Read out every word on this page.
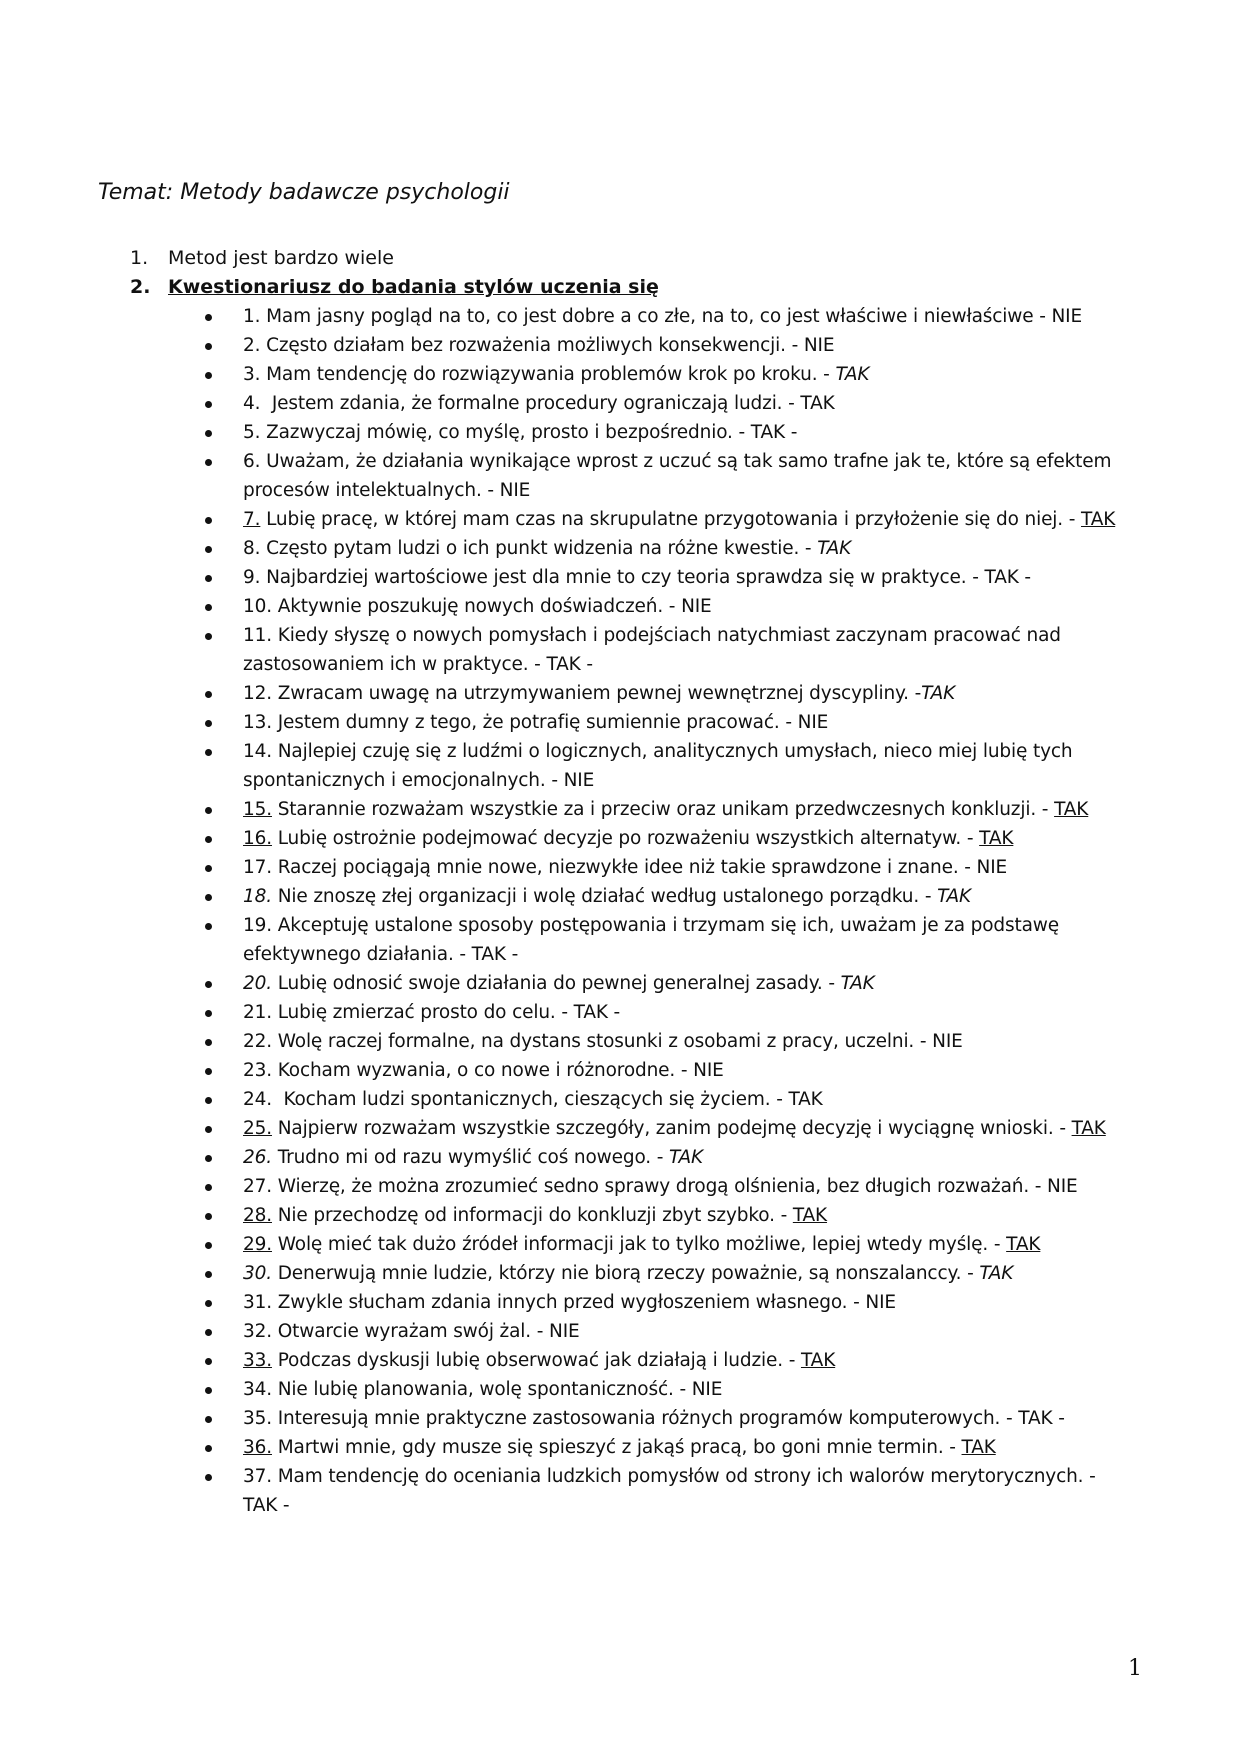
Temat: Metody badawcze psychologii
1.	Metod jest bardzo wiele
2. Kwestionariusz do badania stylów uczenia się
1. Mam jasny pogląd na to, co jest dobre a co złe, na to, co jest właściwe i niewłaściwe - NIE
2. Często działam bez rozważenia możliwych konsekwencji. - NIE
3. Mam tendencję do rozwiązywania problemów krok po kroku. - TAK
4.  Jestem zdania, że formalne procedury ograniczają ludzi. - TAK
5. Zazwyczaj mówię, co myślę, prosto i bezpośrednio. - TAK -
6. Uważam, że działania wynikające wprost z uczuć są tak samo trafne jak te, które są efektem procesów intelektualnych. - NIE
7. Lubię pracę, w której mam czas na skrupulatne przygotowania i przyłożenie się do niej. - TAK
8. Często pytam ludzi o ich punkt widzenia na różne kwestie. - TAK
9. Najbardziej wartościowe jest dla mnie to czy teoria sprawdza się w praktyce. - TAK -
10. Aktywnie poszukuję nowych doświadczeń. - NIE
11. Kiedy słyszę o nowych pomysłach i podejściach natychmiast zaczynam pracować nad zastosowaniem ich w praktyce. - TAK -
12. Zwracam uwagę na utrzymywaniem pewnej wewnętrznej dyscypliny. -TAK
13. Jestem dumny z tego, że potrafię sumiennie pracować. - NIE
14. Najlepiej czuję się z ludźmi o logicznych, analitycznych umysłach, nieco miej lubię tych spontanicznych i emocjonalnych. - NIE
15. Starannie rozważam wszystkie za i przeciw oraz unikam przedwczesnych konkluzji. - TAK
16. Lubię ostrożnie podejmować decyzje po rozważeniu wszystkich alternatyw. - TAK
17. Raczej pociągają mnie nowe, niezwykłe idee niż takie sprawdzone i znane. - NIE
18. Nie znoszę złej organizacji i wolę działać według ustalonego porządku. - TAK
19. Akceptuję ustalone sposoby postępowania i trzymam się ich, uważam je za podstawę efektywnego działania. - TAK -
20. Lubię odnosić swoje działania do pewnej generalnej zasady. - TAK
21. Lubię zmierzać prosto do celu. - TAK -
22. Wolę raczej formalne, na dystans stosunki z osobami z pracy, uczelni. - NIE
23. Kocham wyzwania, o co nowe i różnorodne. - NIE
24.  Kocham ludzi spontanicznych, cieszących się życiem. - TAK
25. Najpierw rozważam wszystkie szczegóły, zanim podejmę decyzję i wyciągnę wnioski. - TAK
26. Trudno mi od razu wymyślić coś nowego. - TAK
27. Wierzę, że można zrozumieć sedno sprawy drogą olśnienia, bez długich rozważań. - NIE
28. Nie przechodzę od informacji do konkluzji zbyt szybko. - TAK
29. Wolę mieć tak dużo źródeł informacji jak to tylko możliwe, lepiej wtedy myślę. - TAK
30. Denerwują mnie ludzie, którzy nie biorą rzeczy poważnie, są nonszalanccy. - TAK
31. Zwykle słucham zdania innych przed wygłoszeniem własnego. - NIE
32. Otwarcie wyrażam swój żal. - NIE
33. Podczas dyskusji lubię obserwować jak działają i ludzie. - TAK
34. Nie lubię planowania, wolę spontaniczność. - NIE
35. Interesują mnie praktyczne zastosowania różnych programów komputerowych. - TAK -
36. Martwi mnie, gdy musze się spieszyć z jakąś pracą, bo goni mnie termin. - TAK
37. Mam tendencję do oceniania ludzkich pomysłów od strony ich walorów merytorycznych. - TAK -
1
